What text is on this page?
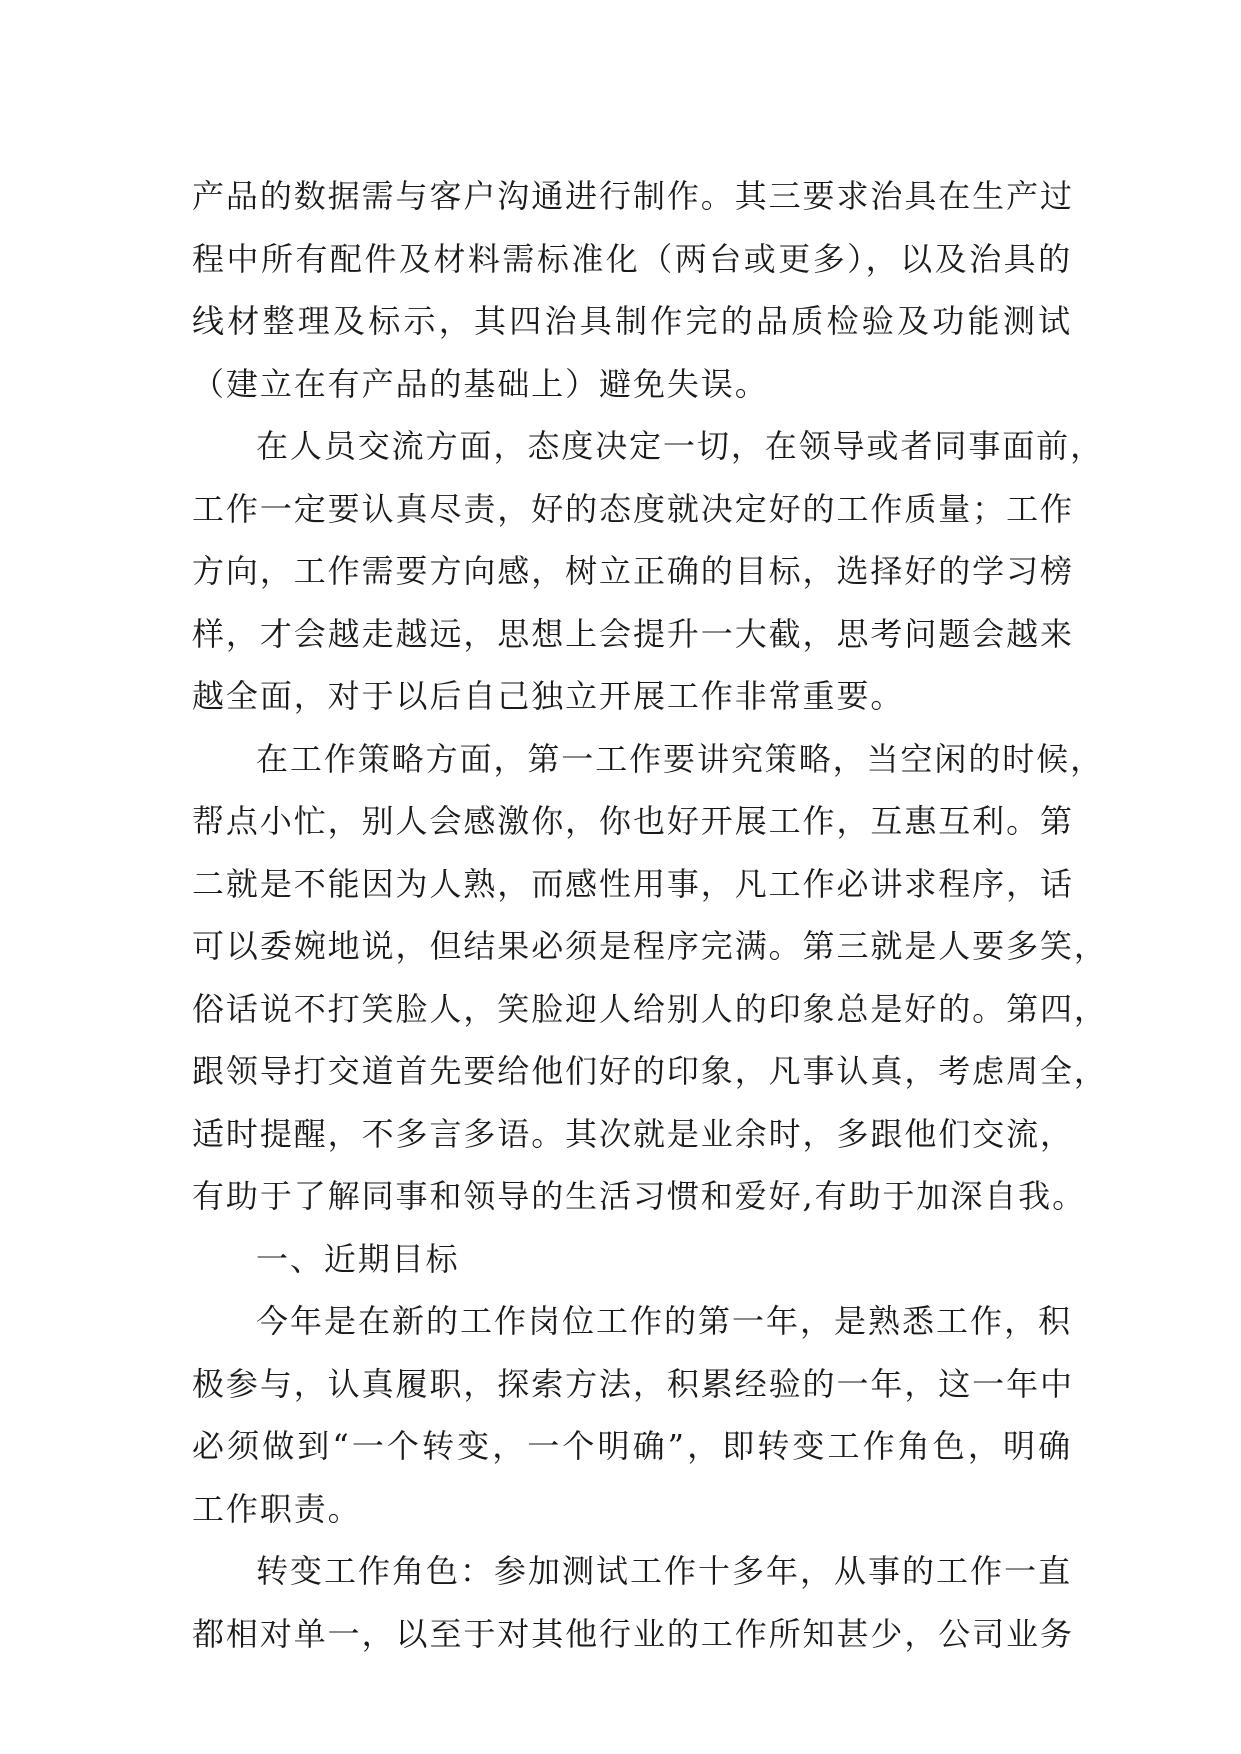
产品的数据需与客户沟通进行制作。其三要求治具在生产过
程中所有配件及材料需标准化（两台或更多），以及治具的
线材整理及标示，其四治具制作完的品质检验及功能测试
（建立在有产品的基础上）避免失误。
在人员交流方面，态度决定一切，在领导或者同事面前，
工作一定要认真尽责，好的态度就决定好的工作质量；工作
方向，工作需要方向感，树立正确的目标，选择好的学习榜
样，才会越走越远，思想上会提升一大截，思考问题会越来
越全面，对于以后自己独立开展工作非常重要。
在工作策略方面，第一工作要讲究策略，当空闲的时候，
帮点小忙，别人会感激你，你也好开展工作，互惠互利。第
二就是不能因为人熟，而感性用事，凡工作必讲求程序，话
可以委婉地说，但结果必须是程序完满。第三就是人要多笑，
俗话说不打笑脸人，笑脸迎人给别人的印象总是好的。第四，
跟领导打交道首先要给他们好的印象，凡事认真，考虑周全，
适时提醒，不多言多语。其次就是业余时，多跟他们交流，
有助于了解同事和领导的生活习惯和爱好,有助于加深自我。
一、近期目标
今年是在新的工作岗位工作的第一年，是熟悉工作，积
极参与，认真履职，探索方法，积累经验的一年，这一年中
必须做到“一个转变，一个明确”，即转变工作角色，明确
工作职责。
转变工作角色：参加测试工作十多年，从事的工作一直
都相对单一，以至于对其他行业的工作所知甚少，公司业务
